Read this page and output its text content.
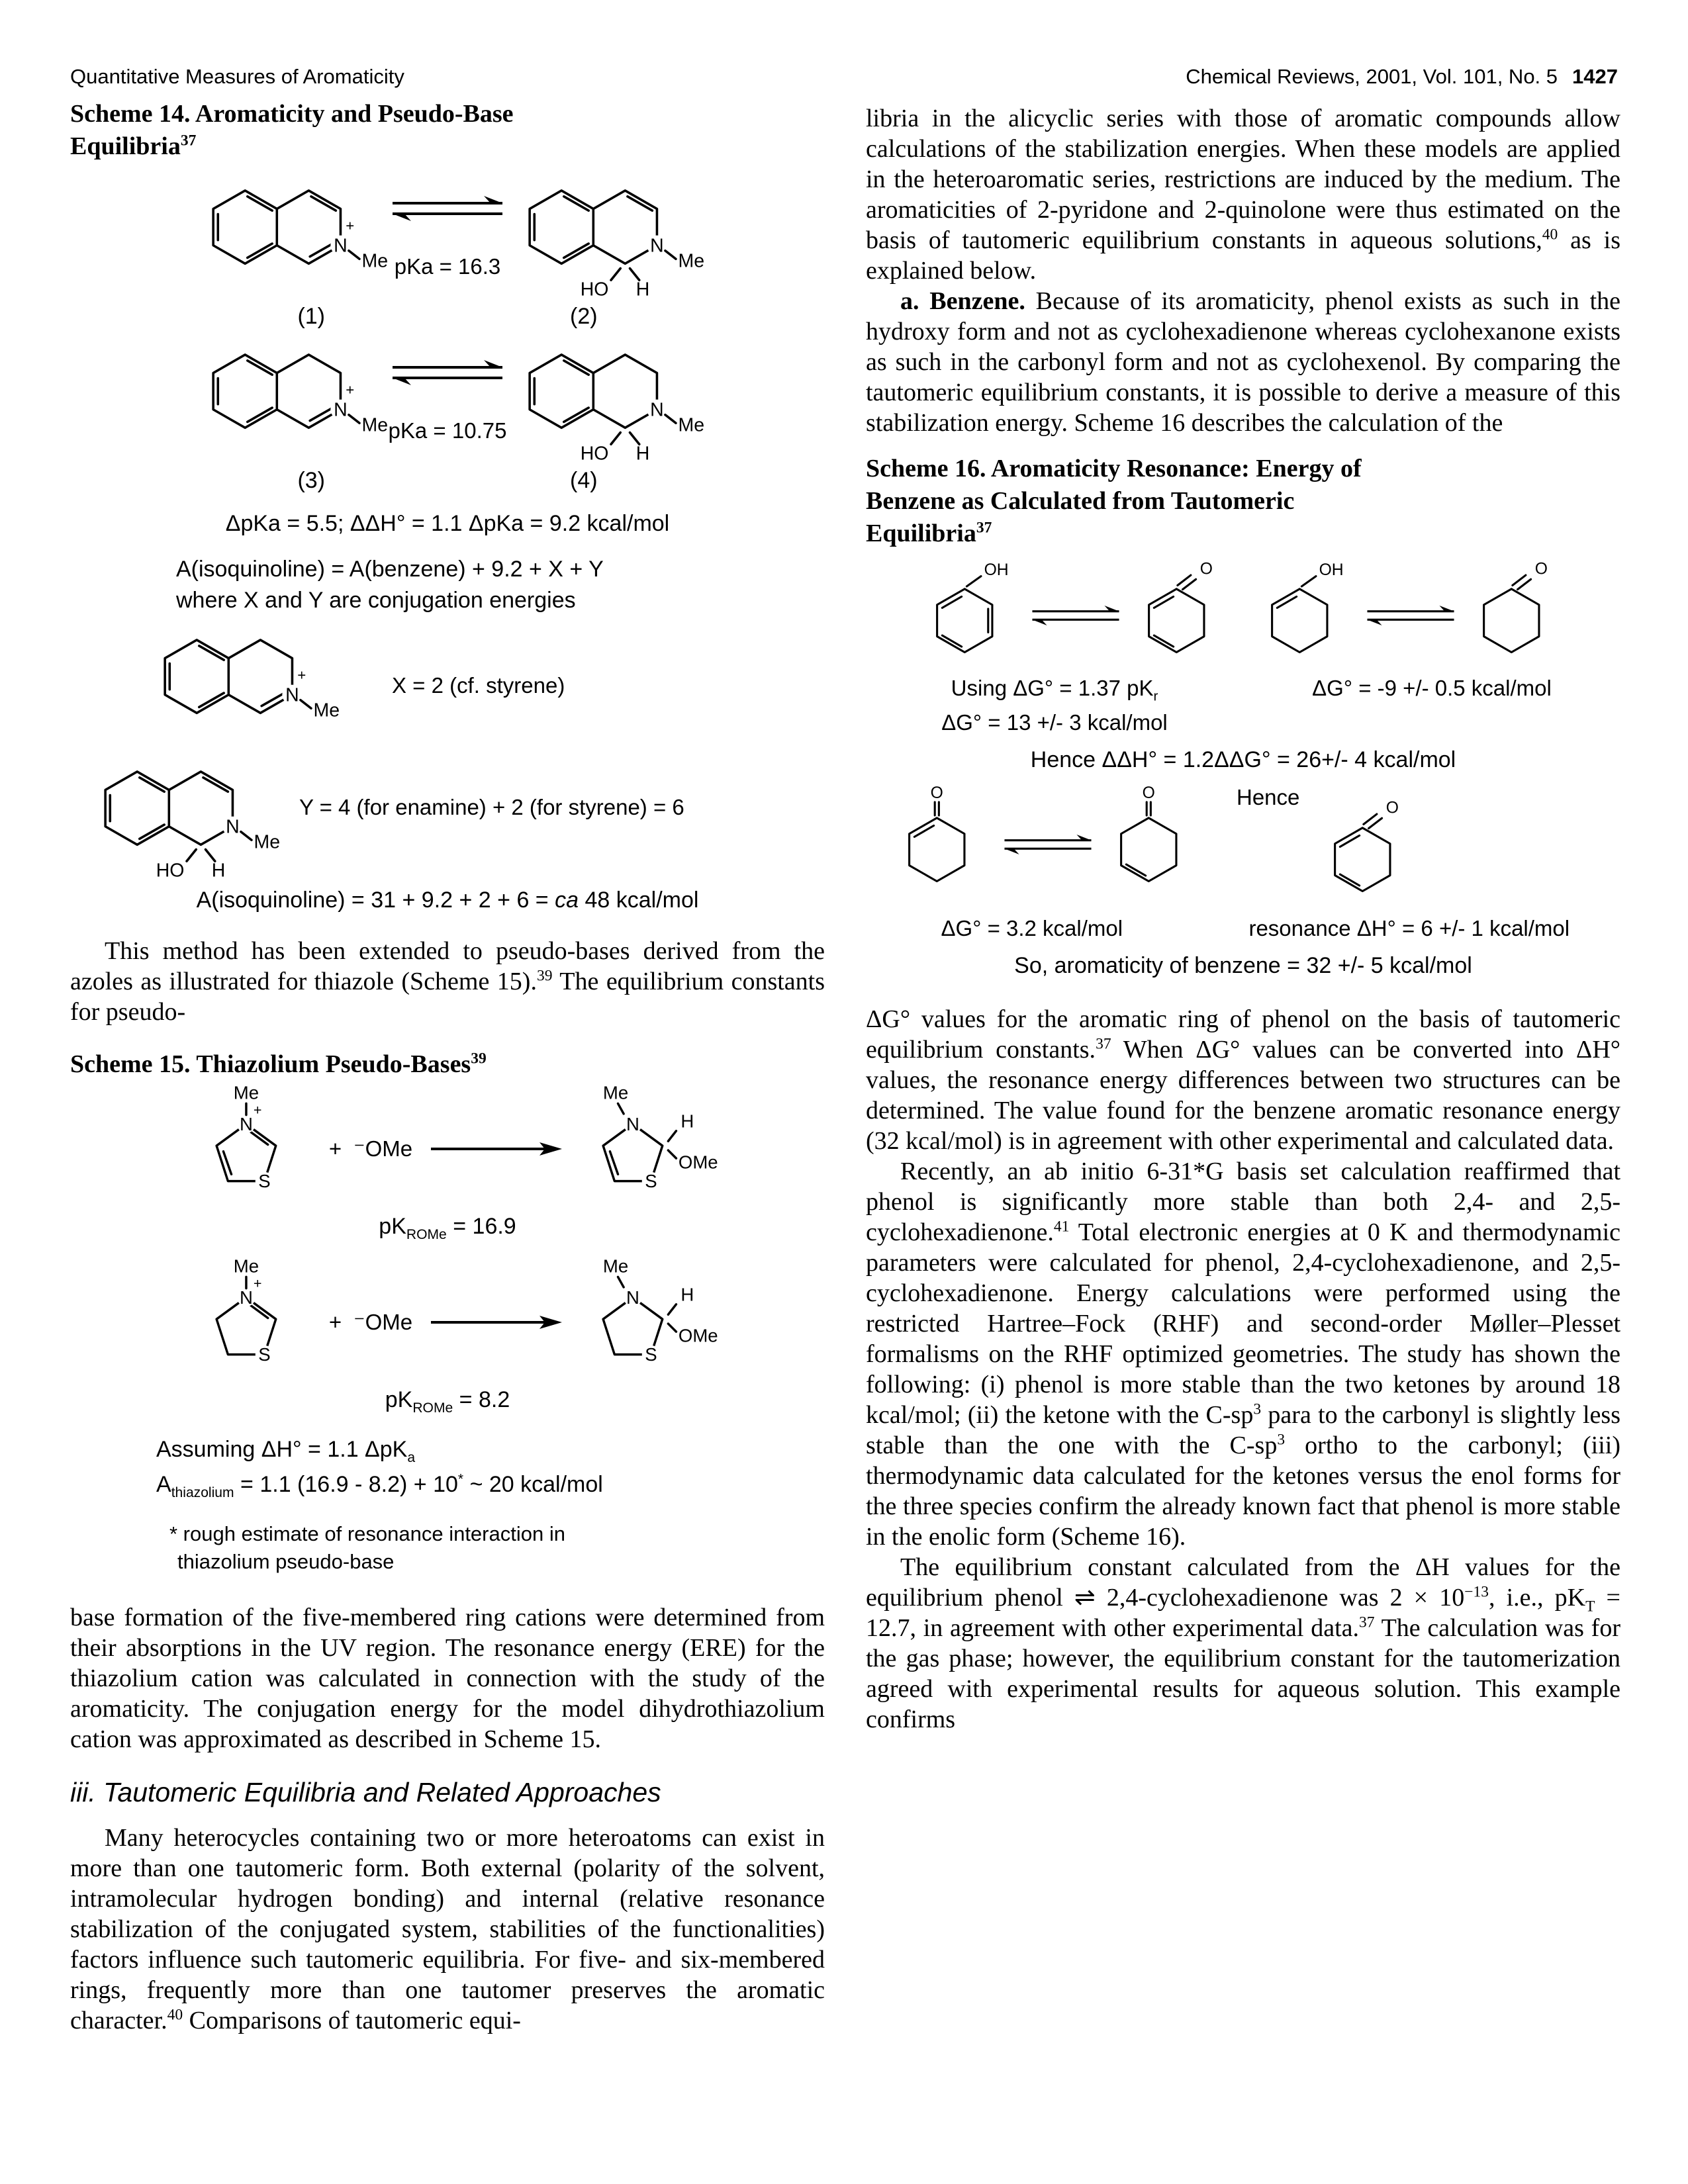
Quantitative Measures of Aromaticity	Chemical Reviews, 2001, Vol. 101, No. 5 1427

Scheme 14. Aromaticity and Pseudo-Base
Equilibria$^{37}$

N
+
Me pKa = 16.3
N
Me
HO H
(1)	(2)
N
+
Me pKa = 10.75
N
Me
HO H
(3)	(4)

ΔpKa = 5.5; ΔΔH° = 1.1 ΔpKa = 9.2 kcal/mol

A(isoquinoline) = A(benzene) + 9.2 + X + Y

where X and Y are conjugation energies

N
+
Me
X = 2 (cf. styrene)
N
Me
HO H
Y = 4 (for enamine) + 2 (for styrene) = 6

A(isoquinoline) = 31 + 9.2 + 2 + 6 = ca 48 kcal/mol

This method has been extended to pseudo-bases derived from the azoles as illustrated for thiazole (Scheme 15).$^{39}$ The equilibrium constants for pseudo-

Scheme 15. Thiazolium Pseudo-Bases$^{39}$

N
S
+
Me
+ ⁻OMe
N
S
Me
H
OMe

$pK_{ROMe} = 16.9$

N
S
+
Me
+ ⁻OMe
N
S
Me
H
OMe

$pK_{ROMe} = 8.2$

Assuming ΔH° = 1.1 ΔpK$_a$

$A_{thiazolium} = 1.1$ (16.9 - 8.2) + 10* ~ 20 kcal/mol

* rough estimate of resonance interaction in
thiazolium pseudo-base

base formation of the five-membered ring cations were determined from their absorptions in the UV region. The resonance energy (ERE) for the thiazolium cation was calculated in connection with the study of the aromaticity. The conjugation energy for the model dihydrothiazolium cation was approximated as described in Scheme 15.

iii. Tautomeric Equilibria and Related Approaches

Many heterocycles containing two or more heteroatoms can exist in more than one tautomeric form. Both external (polarity of the solvent, intramolecular hydrogen bonding) and internal (relative resonance stabilization of the conjugated system, stabilities of the functionalities) factors influence such tautomeric equilibria. For five- and six-membered rings, frequently more than one tautomer preserves the aromatic character.$^{40}$ Comparisons of tautomeric equi-

libria in the alicyclic series with those of aromatic compounds allow calculations of the stabilization energies. When these models are applied in the heteroaromatic series, restrictions are induced by the medium. The aromaticities of 2-pyridone and 2-quinolone were thus estimated on the basis of tautomeric equilibrium constants in aqueous solutions,$^{40}$ as is explained below.

a. Benzene. Because of its aromaticity, phenol exists as such in the hydroxy form and not as cyclohexadienone whereas cyclohexanone exists as such in the carbonyl form and not as cyclohexenol. By comparing the tautomeric equilibrium constants, it is possible to derive a measure of this stabilization energy. Scheme 16 describes the calculation of the

Scheme 16. Aromaticity Resonance: Energy of
Benzene as Calculated from Tautomeric
Equilibria$^{37}$

OH	O	OH	O
Using ΔG° = 1.37 $pK_r$	ΔG° = -9 +/- 0.5 kcal/mol
ΔG° = 13 +/- 3 kcal/mol

Hence ΔΔH° = 1.2ΔΔG° = 26+/- 4 kcal/mol

O	O	Hence	O
ΔG° = 3.2 kcal/mol	resonance ΔH° = 6 +/- 1 kcal/mol

So, aromaticity of benzene = 32 +/- 5 kcal/mol

ΔG° values for the aromatic ring of phenol on the basis of tautomeric equilibrium constants.$^{37}$ When ΔG° values can be converted into ΔH° values, the resonance energy differences between two structures can be determined. The value found for the benzene aromatic resonance energy (32 kcal/mol) is in agreement with other experimental and calculated data.

Recently, an ab initio 6-31*G basis set calculation reaffirmed that phenol is significantly more stable than both 2,4- and 2,5-cyclohexadienone.$^{41}$ Total electronic energies at 0 K and thermodynamic parameters were calculated for phenol, 2,4-cyclohexadienone, and 2,5-cyclohexadienone. Energy calculations were performed using the restricted Hartree–Fock (RHF) and second-order Møller–Plesset formalisms on the RHF optimized geometries. The study has shown the following: (i) phenol is more stable than the two ketones by around 18 kcal/mol; (ii) the ketone with the $C-sp^3$ para to the carbonyl is slightly less stable than the one with the $C-sp^3$ ortho to the carbonyl; (iii) thermodynamic data calculated for the ketones versus the enol forms for the three species confirm the already known fact that phenol is more stable in the enolic form (Scheme 16).

The equilibrium constant calculated from the ΔH values for the equilibrium phenol ⇌ 2,4-cyclohexadienone was $2 \times 10^{-13}$, i.e., $pK_T = 12.7$, in agreement with other experimental data.$^{37}$ The calculation was for the gas phase; however, the equilibrium constant for the tautomerization agreed with experimental results for aqueous solution. This example confirms
